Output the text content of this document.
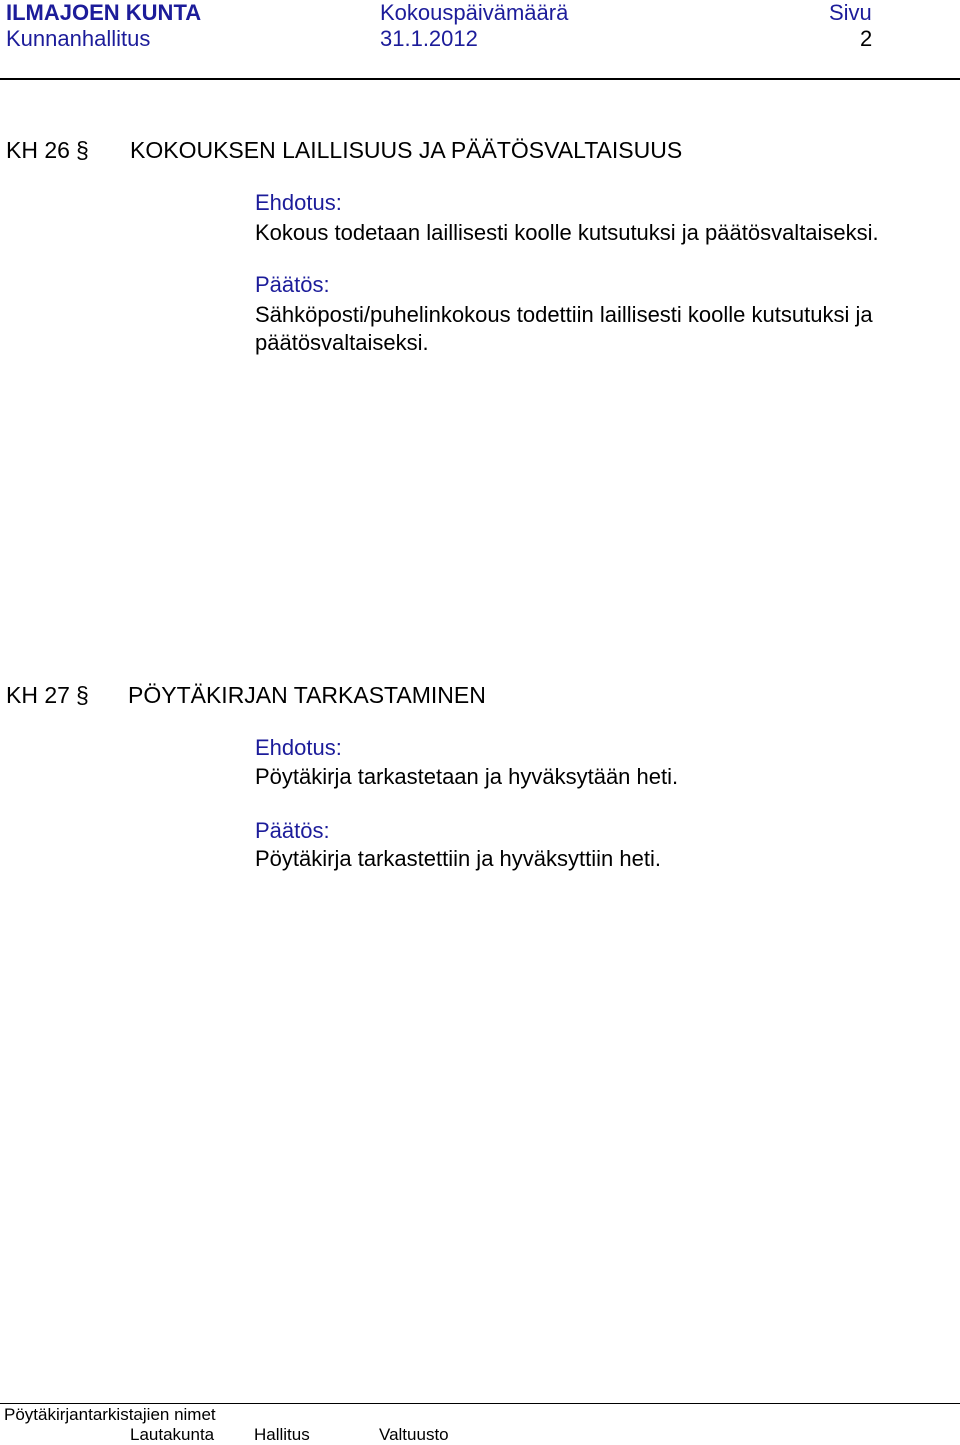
ILMAJOEN KUNTA	Kokouspäivämäärä	Sivu
Kunnanhallitus	31.1.2012	2
KH 26 § KOKOUKSEN LAILLISUUS JA PÄÄTÖSVALTAISUUS
Ehdotus:
Kokous todetaan laillisesti koolle kutsutuksi ja päätösvaltaiseksi.
Päätös:
Sähköposti/puhelinkokous todettiin laillisesti koolle kutsutuksi ja
päätösvaltaiseksi.
KH 27 § PÖYTÄKIRJAN TARKASTAMINEN
Ehdotus:
Pöytäkirja tarkastetaan ja hyväksytään heti.
Päätös:
Pöytäkirja tarkastettiin ja hyväksyttiin heti.
Pöytäkirjantarkistajien nimet
Lautakunta Hallitus	Valtuusto
